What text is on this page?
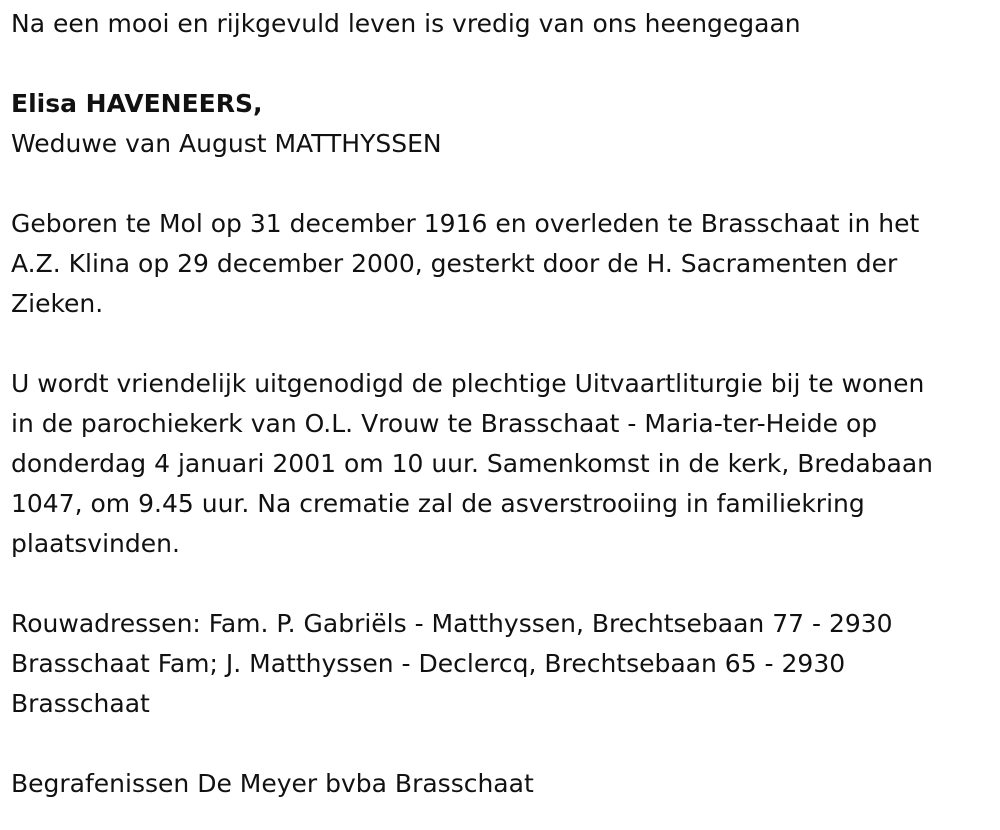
Na een mooi en rijkgevuld leven is vredig van ons heengegaan
Elisa HAVENEERS,
Weduwe van August MATTHYSSEN
Geboren te Mol op 31 december 1916 en overleden te Brasschaat in het
A.Z. Klina op 29 december 2000, gesterkt door de H. Sacramenten der
Zieken.
U wordt vriendelijk uitgenodigd de plechtige Uitvaartliturgie bij te wonen
in de parochiekerk van O.L. Vrouw te Brasschaat - Maria-ter-Heide op
donderdag 4 januari 2001 om 10 uur. Samenkomst in de kerk, Bredabaan
1047, om 9.45 uur. Na crematie zal de asverstrooiing in familiekring
plaatsvinden.
Rouwadressen: Fam. P. Gabriëls - Matthyssen, Brechtsebaan 77 - 2930
Brasschaat Fam; J. Matthyssen - Declercq, Brechtsebaan 65 - 2930
Brasschaat
Begrafenissen De Meyer bvba Brasschaat
